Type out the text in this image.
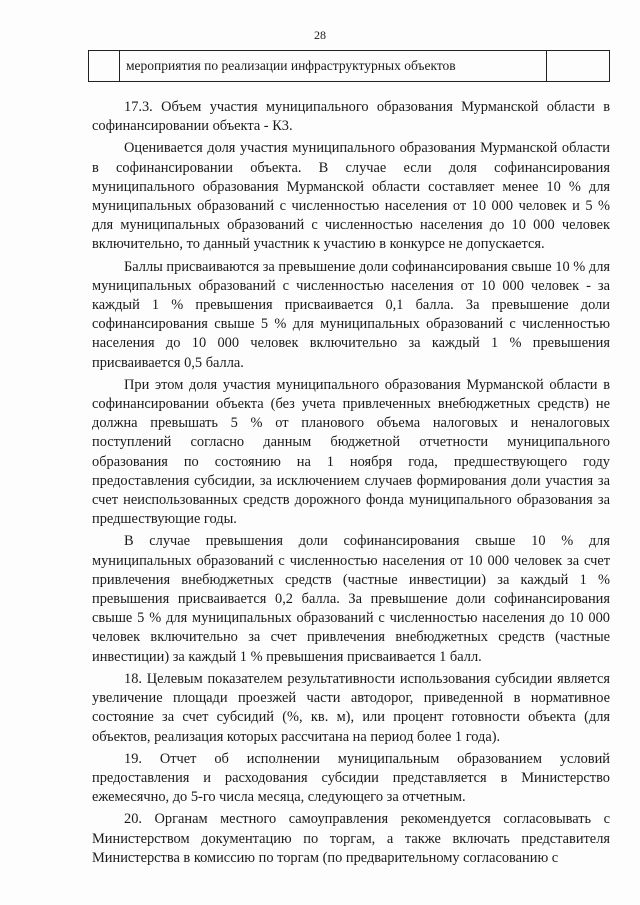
28
	мероприятия по реализации инфраструктурных объектов	

17.3. Объем участия муниципального образования Мурманской области в софинансировании объекта - К3.

Оценивается доля участия муниципального образования Мурманской области в софинансировании объекта. В случае если доля софинансирования муниципального образования Мурманской области составляет менее 10 % для муниципальных образований с численностью населения от 10 000 человек и 5 % для муниципальных образований с численностью населения до 10 000 человек включительно, то данный участник к участию в конкурсе не допускается.

Баллы присваиваются за превышение доли софинансирования свыше 10 % для муниципальных образований с численностью населения от 10 000 человек - за каждый 1 % превышения присваивается 0,1 балла. За превышение доли софинансирования свыше 5 % для муниципальных образований с численностью населения до 10 000 человек включительно за каждый 1 % превышения присваивается 0,5 балла.

При этом доля участия муниципального образования Мурманской области в софинансировании объекта (без учета привлеченных внебюджетных средств) не должна превышать 5 % от планового объема налоговых и неналоговых поступлений согласно данным бюджетной отчетности муниципального образования по состоянию на 1 ноября года, предшествующего году предоставления субсидии, за исключением случаев формирования доли участия за счет неиспользованных средств дорожного фонда муниципального образования за предшествующие годы.

В случае превышения доли софинансирования свыше 10 % для муниципальных образований с численностью населения от 10 000 человек за счет привлечения внебюджетных средств (частные инвестиции) за каждый 1 % превышения присваивается 0,2 балла. За превышение доли софинансирования свыше 5 % для муниципальных образований с численностью населения до 10 000 человек включительно за счет привлечения внебюджетных средств (частные инвестиции) за каждый 1 % превышения присваивается 1 балл.

18. Целевым показателем результативности использования субсидии является увеличение площади проезжей части автодорог, приведенной в нормативное состояние за счет субсидий (%, кв. м), или процент готовности объекта (для объектов, реализация которых рассчитана на период более 1 года).

19. Отчет об исполнении муниципальным образованием условий предоставления и расходования субсидии представляется в Министерство ежемесячно, до 5-го числа месяца, следующего за отчетным.

20. Органам местного самоуправления рекомендуется согласовывать с Министерством документацию по торгам, а также включать представителя Министерства в комиссию по торгам (по предварительному согласованию с
